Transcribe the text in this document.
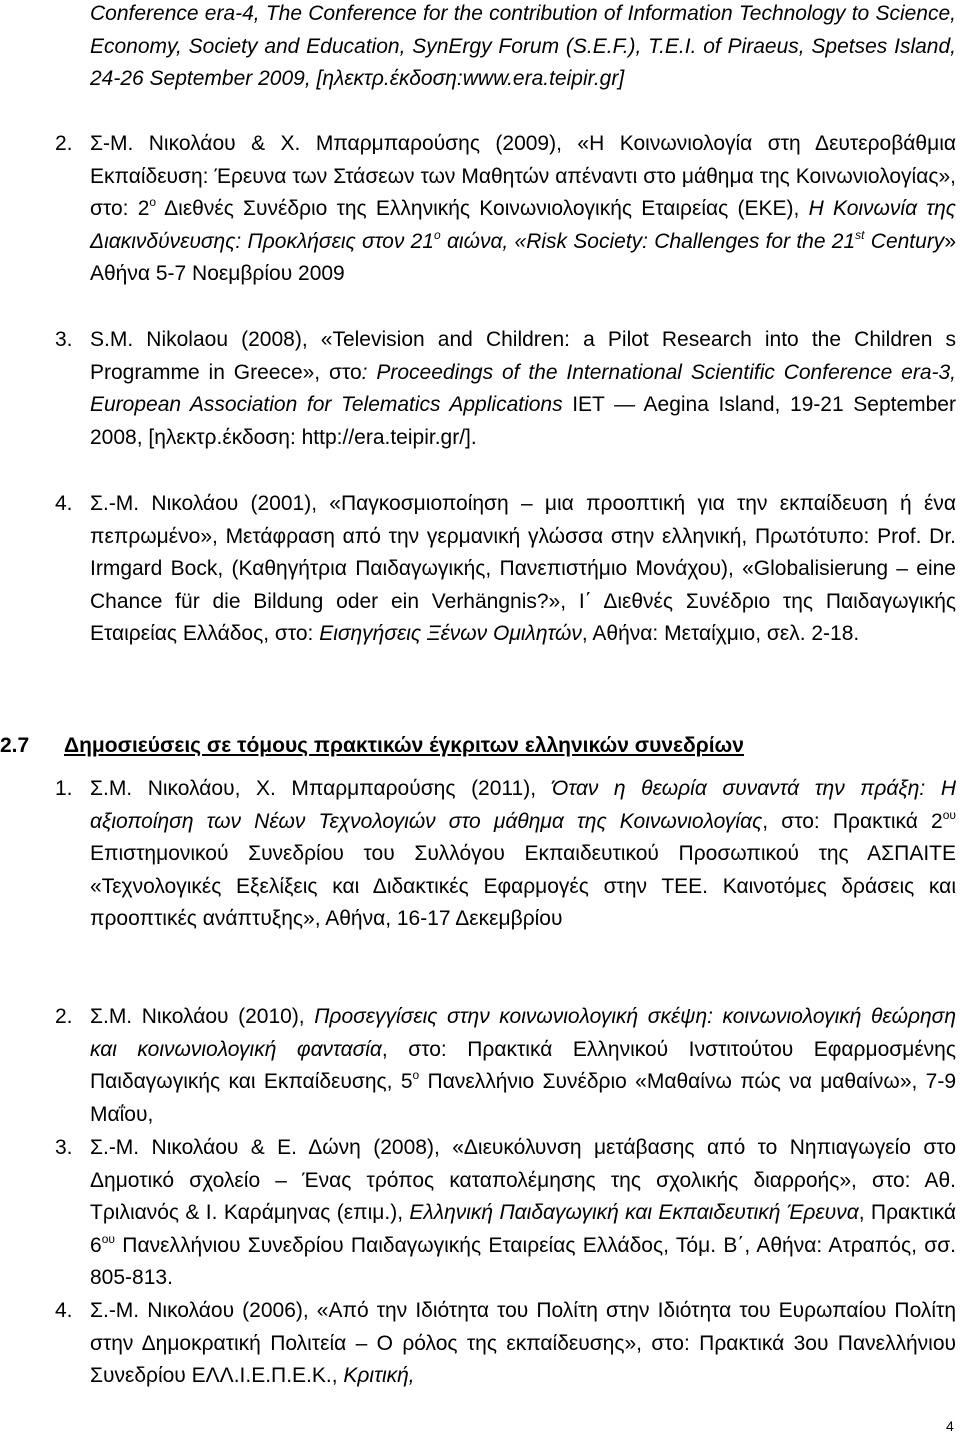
Conference era-4, The Conference for the contribution of Information Technology to Science, Economy, Society and Education, SynErgy Forum (S.E.F.), T.E.I. of Piraeus, Spetses Island, 24-26 September 2009, [ηλεκτρ.έκδοση:www.era.teipir.gr]
2. Σ-Μ. Νικολάου & Χ. Μπαρμπαρούσης (2009), «Η Κοινωνιολογία στη Δευτεροβάθμια Εκπαίδευση: Έρευνα των Στάσεων των Μαθητών απέναντι στο μάθημα της Κοινωνιολογίας», στο: $2^o$ Διεθνές Συνέδριο της Ελληνικής Κοινωνιολογικής Εταιρείας (ΕΚΕ), Η Κοινωνία της Διακινδύνευσης: Προκλήσεις στον $21^o$ αιώνα, «Risk Society: Challenges for the 21st Century» Αθήνα 5-7 Νοεμβρίου 2009
3. S.M. Nikolaou (2008), «Television and Children: a Pilot Research into the Children s Programme in Greece», στο: Proceedings of the International Scientific Conference era-3, European Association for Telematics Applications IET — Aegina Island, 19-21 September 2008, [ηλεκτρ.έκδοση: http://era.teipir.gr/].
4. Σ.-Μ. Νικολάου (2001), «Παγκοσμιοποίηση – μια προοπτική για την εκπαίδευση ή ένα πεπρωμένο», Μετάφραση από την γερμανική γλώσσα στην ελληνική, Πρωτότυπο: Prof. Dr. Irmgard Bock, (Καθηγήτρια Παιδαγωγικής, Πανεπιστήμιο Μονάχου), «Globalisierung – eine Chance für die Bildung oder ein Verhängnis?», Ι΄ Διεθνές Συνέδριο της Παιδαγωγικής Εταιρείας Ελλάδος, στο: Εισηγήσεις Ξένων Ομιλητών, Αθήνα: Μεταίχμιο, σελ. 2-18.
2.7 Δημοσιεύσεις σε τόμους πρακτικών έγκριτων ελληνικών συνεδρίων
1. Σ.Μ. Νικολάου, Χ. Μπαρμπαρούσης (2011), Όταν η θεωρία συναντά την πράξη: Η αξιοποίηση των Νέων Τεχνολογιών στο μάθημα της Κοινωνιολογίας, στο: Πρακτικά $2^{o\upsilon}$ Επιστημονικού Συνεδρίου του Συλλόγου Εκπαιδευτικού Προσωπικού της ΑΣΠΑΙΤΕ «Τεχνολογικές Εξελίξεις και Διδακτικές Εφαρμογές στην ΤΕΕ. Καινοτόμες δράσεις και προοπτικές ανάπτυξης», Αθήνα, 16-17 Δεκεμβρίου
2. Σ.Μ. Νικολάου (2010), Προσεγγίσεις στην κοινωνιολογική σκέψη: κοινωνιολογική θεώρηση και κοινωνιολογική φαντασία, στο: Πρακτικά Ελληνικού Ινστιτούτου Εφαρμοσμένης Παιδαγωγικής και Εκπαίδευσης, $5^o$ Πανελλήνιο Συνέδριο «Μαθαίνω πώς να μαθαίνω», 7-9 Μαΐου,
3. Σ.-Μ. Νικολάου & Ε. Δώνη (2008), «Διευκόλυνση μετάβασης από το Νηπιαγωγείο στο Δημοτικό σχολείο – Ένας τρόπος καταπολέμησης της σχολικής διαρροής», στο: Αθ. Τριλιανός & Ι. Καράμηνας (επιμ.), Ελληνική Παιδαγωγική και Εκπαιδευτική Έρευνα, Πρακτικά $6^{o\upsilon}$ Πανελλήνιου Συνεδρίου Παιδαγωγικής Εταιρείας Ελλάδος, Τόμ. Β΄, Αθήνα: Ατραπός, σσ. 805-813.
4. Σ.-Μ. Νικολάου (2006), «Από την Ιδιότητα του Πολίτη στην Ιδιότητα του Ευρωπαίου Πολίτη στην Δημοκρατική Πολιτεία – Ο ρόλος της εκπαίδευσης», στο: Πρακτικά 3ου Πανελλήνιου Συνεδρίου ΕΛΛ.Ι.Ε.Π.Ε.Κ., Κριτική,
4
